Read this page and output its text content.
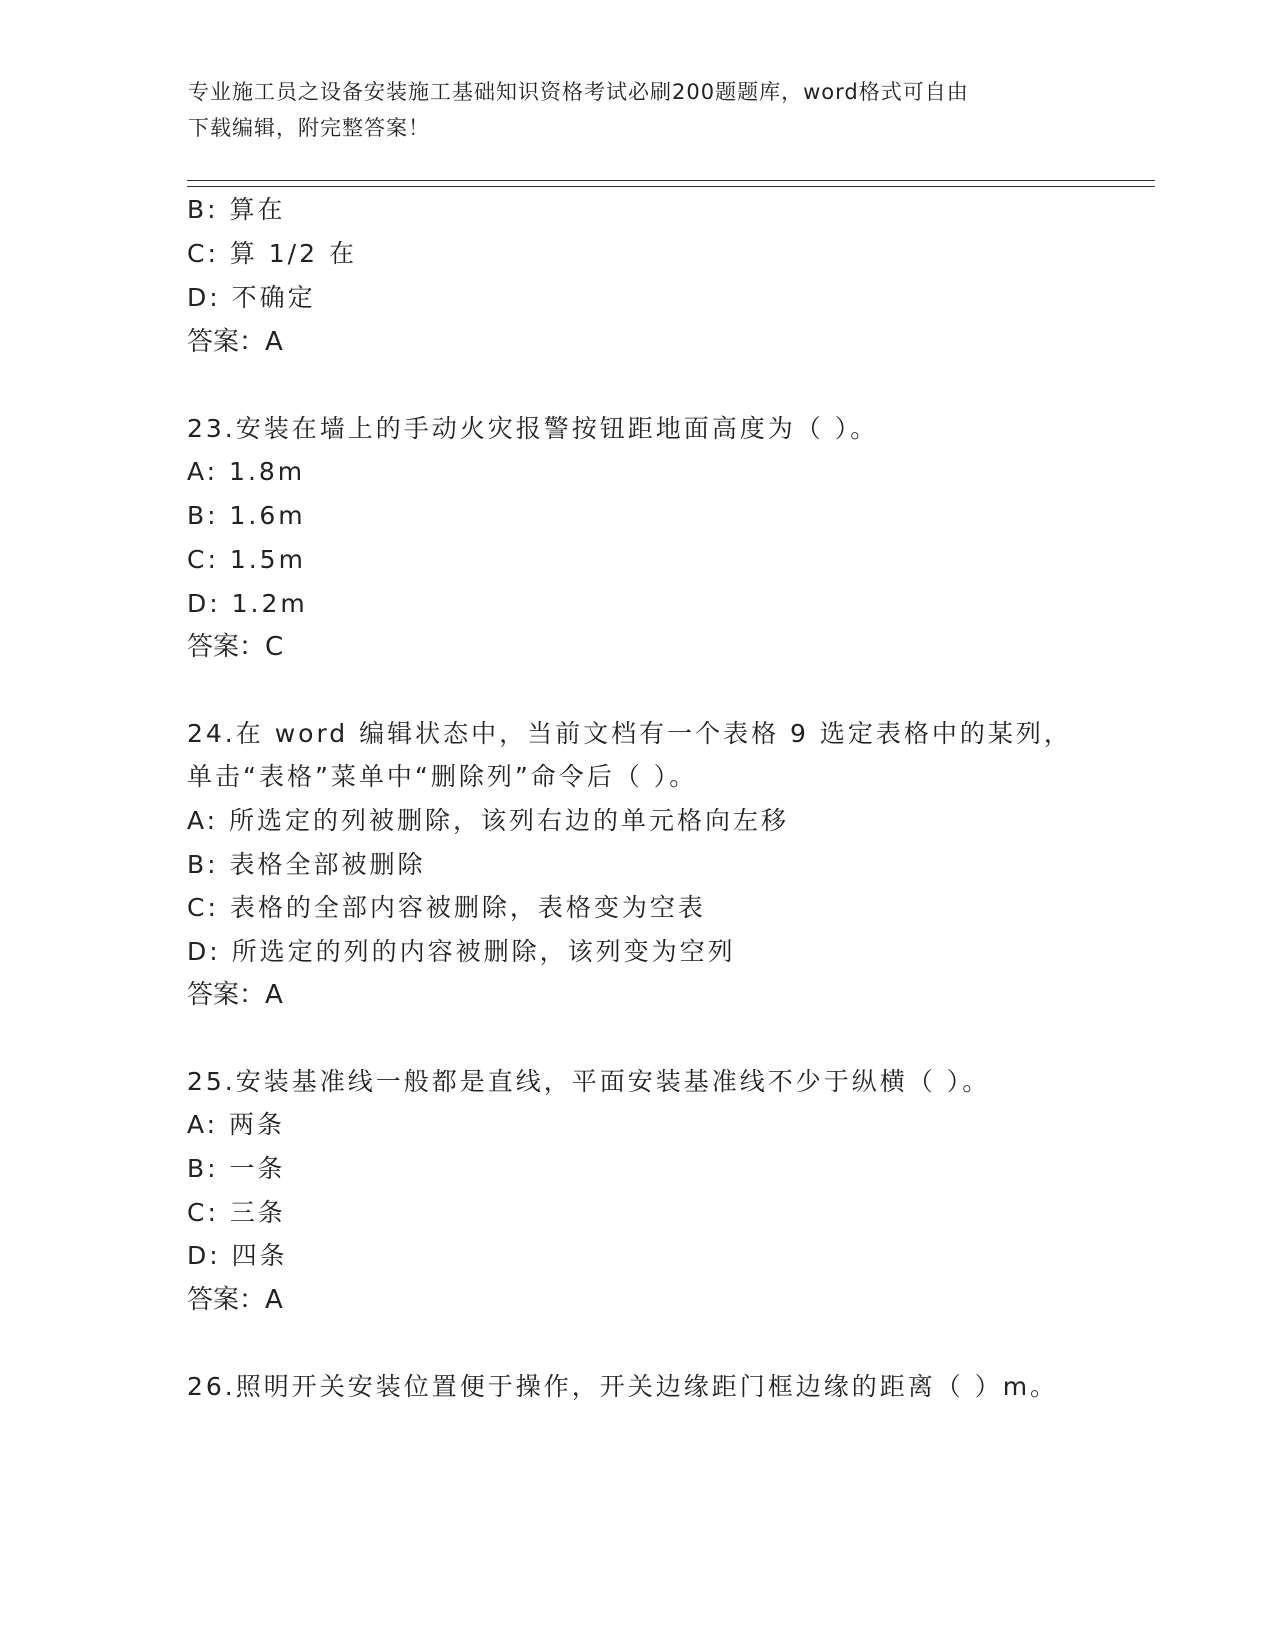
专业施工员之设备安装施工基础知识资格考试必刷200题题库，word格式可自由
下载编辑，附完整答案！
B: 算在
C: 算 1/2 在
D: 不确定
答案：A
23.安装在墙上的手动火灾报警按钮距地面高度为（ ）。
A: 1.8m
B: 1.6m
C: 1.5m
D: 1.2m
答案：C
24.在 word 编辑状态中，当前文档有一个表格 9 选定表格中的某列，
单击“表格”菜单中“删除列”命令后（ ）。
A: 所选定的列被删除，该列右边的单元格向左移
B: 表格全部被删除
C: 表格的全部内容被删除，表格变为空表
D: 所选定的列的内容被删除，该列变为空列
答案：A
25.安装基准线一般都是直线，平面安装基准线不少于纵横（ ）。
A: 两条
B: 一条
C: 三条
D: 四条
答案：A
26.照明开关安装位置便于操作，开关边缘距门框边缘的距离（ ）m。
